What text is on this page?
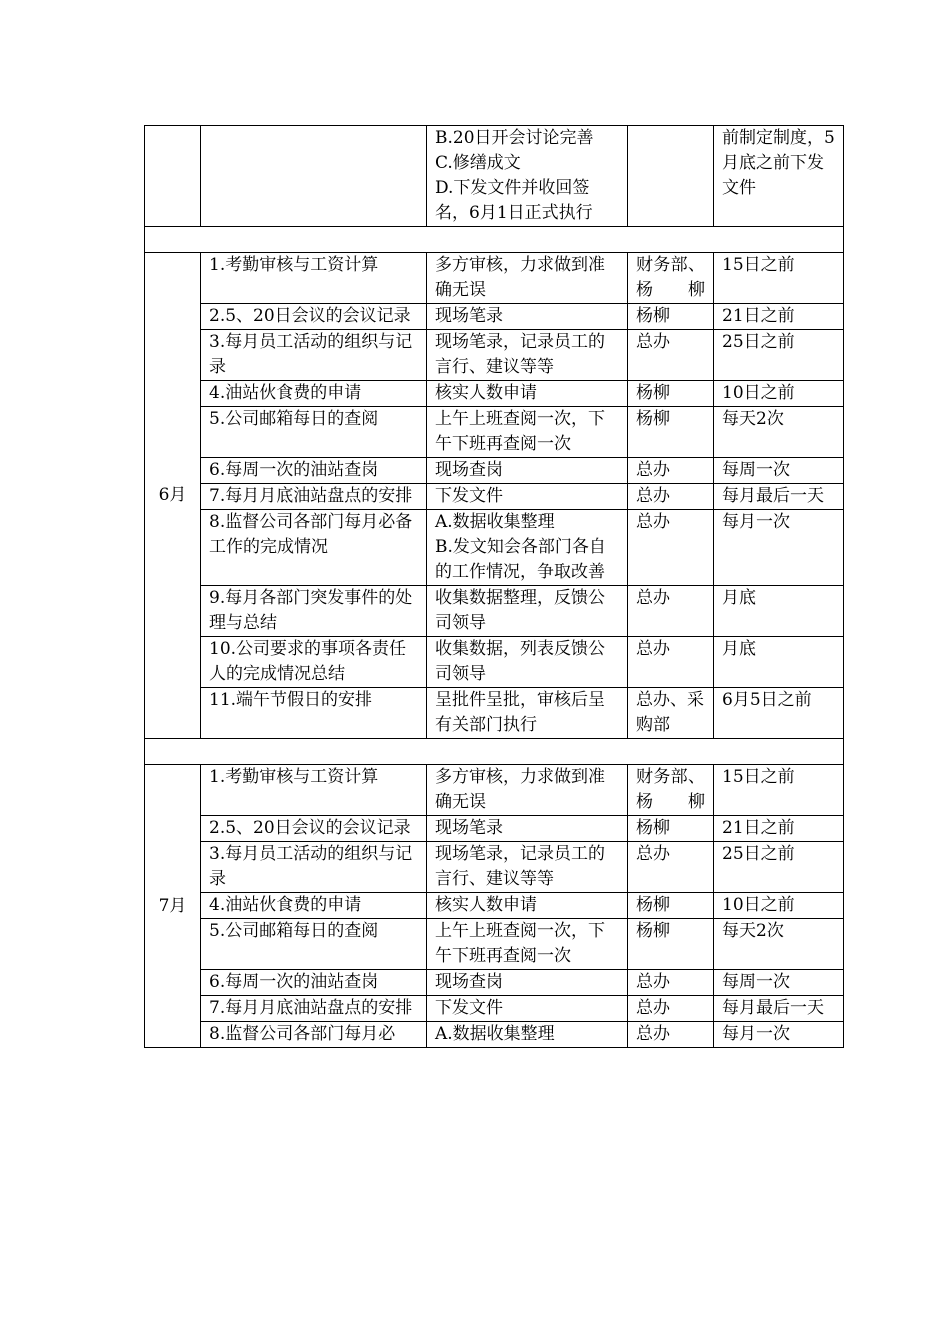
		B.20日开会讨论完善
C.修缮成文
D.下发文件并收回签名，6月1日正式执行		前制定制度，5月底之前下发文件

6月	1.考勤审核与工资计算	多方审核，力求做到准确无误	财务部、杨柳	15日之前
	2.5、20日会议的会议记录	现场笔录	杨柳	21日之前
	3.每月员工活动的组织与记录	现场笔录，记录员工的言行、建议等等	总办	25日之前
	4.油站伙食费的申请	核实人数申请	杨柳	10日之前
	5.公司邮箱每日的查阅	上午上班查阅一次，下午下班再查阅一次	杨柳	每天2次
	6.每周一次的油站查岗	现场查岗	总办	每周一次
	7.每月月底油站盘点的安排	下发文件	总办	每月最后一天
	8.监督公司各部门每月必备工作的完成情况	A.数据收集整理
B.发文知会各部门各自的工作情况，争取改善	总办	每月一次
	9.每月各部门突发事件的处理与总结	收集数据整理，反馈公司领导	总办	月底
	10.公司要求的事项各责任人的完成情况总结	收集数据，列表反馈公司领导	总办	月底
	11.端午节假日的安排	呈批件呈批，审核后呈有关部门执行	总办、采购部	6月5日之前

7月	1.考勤审核与工资计算	多方审核，力求做到准确无误	财务部、杨柳	15日之前
	2.5、20日会议的会议记录	现场笔录	杨柳	21日之前
	3.每月员工活动的组织与记录	现场笔录，记录员工的言行、建议等等	总办	25日之前
	4.油站伙食费的申请	核实人数申请	杨柳	10日之前
	5.公司邮箱每日的查阅	上午上班查阅一次，下午下班再查阅一次	杨柳	每天2次
	6.每周一次的油站查岗	现场查岗	总办	每周一次
	7.每月月底油站盘点的安排	下发文件	总办	每月最后一天
	8.监督公司各部门每月必	A.数据收集整理	总办	每月一次
